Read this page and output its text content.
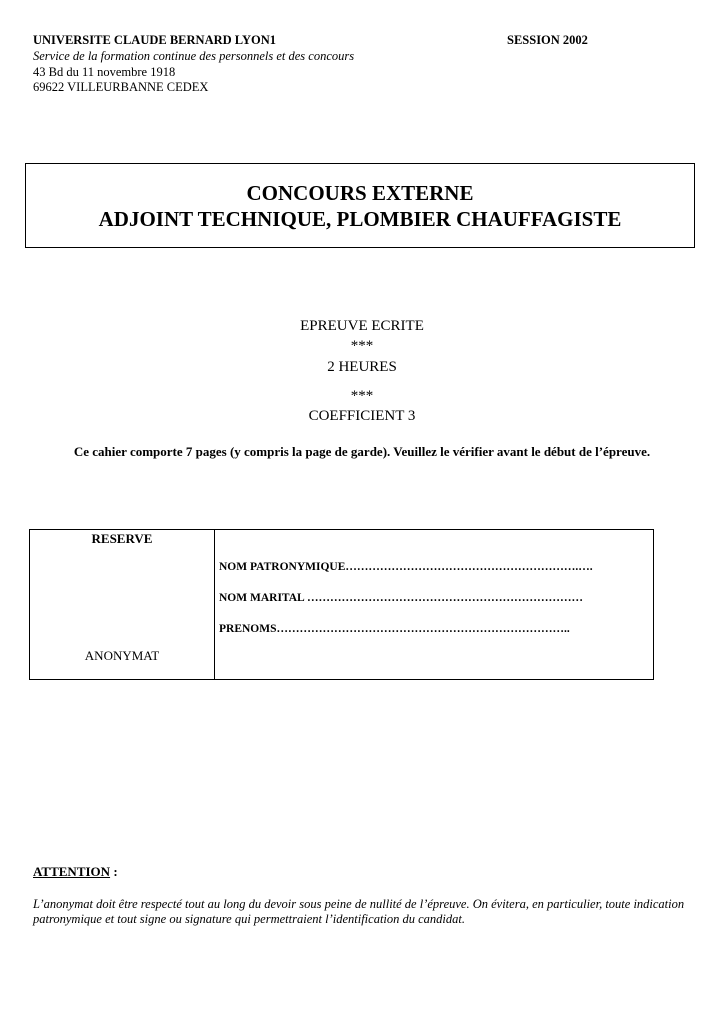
UNIVERSITE CLAUDE BERNARD LYON1	SESSION 2002
Service de la formation continue des personnels et des concours
43 Bd du 11 novembre 1918
69622 VILLEURBANNE CEDEX
CONCOURS EXTERNE
ADJOINT TECHNIQUE, PLOMBIER CHAUFFAGISTE
EPREUVE ECRITE
***
2 HEURES
***
COEFFICIENT 3
Ce cahier comporte 7 pages (y compris la page de garde). Veuillez le vérifier avant le début de l’épreuve.
RESERVE
ANONYMAT
NOM PATRONYMIQUE…………………………………………………….….
NOM MARITAL ………………………………………………………………
PRENOMS…………………………………………………………………..
ATTENTION :
L’anonymat doit être respecté tout au long du devoir sous peine de nullité de l’épreuve. On évitera, en particulier, toute indication patronymique et tout signe ou signature qui permettraient l’identification du candidat.
